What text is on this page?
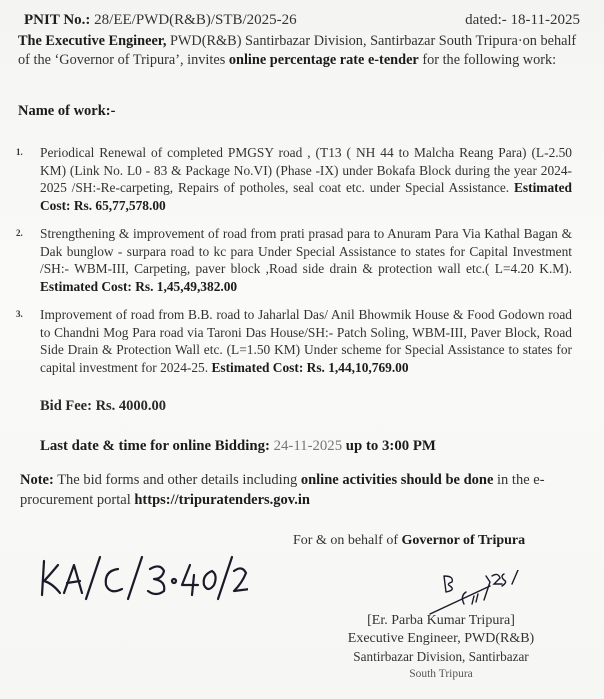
PNIT No.: 28/EE/PWD(R&B)/STB/2025-26	dated:- 18-11-2025
The Executive Engineer, PWD(R&B) Santirbazar Division, Santirbazar South Tripura·on behalf of the ‘Governor of Tripura’, invites online percentage rate e-tender for the following work:
Name of work:-
1.	Periodical Renewal of completed PMGSY road , (T13 ( NH 44 to Malcha Reang Para) (L-2.50 KM) (Link No. L0 - 83 & Package No.VI) (Phase -IX) under Bokafa Block during the year 2024-2025 /SH:-Re-carpeting, Repairs of potholes, seal coat etc. under Special Assistance. Estimated Cost: Rs. 65,77,578.00
2.	Strengthening & improvement of road from prati prasad para to Anuram Para Via Kathal Bagan & Dak bunglow - surpara road to kc para Under Special Assistance to states for Capital Investment /SH:- WBM-III, Carpeting, paver block ,Road side drain & protection wall etc.( L=4.20 K.M). Estimated Cost: Rs. 1,45,49,382.00
3.	Improvement of road from B.B. road to Jaharlal Das/ Anil Bhowmik House & Food Godown road to Chandni Mog Para road via Taroni Das House/SH:- Patch Soling, WBM-III, Paver Block, Road Side Drain & Protection Wall etc. (L=1.50 KM) Under scheme for Special Assistance to states for capital investment for 2024-25. Estimated Cost: Rs. 1,44,10,769.00
Bid Fee: Rs. 4000.00
Last date & time for online Bidding: 24-11-2025 up to 3:00 PM
Note: The bid forms and other details including online activities should be done in the e-procurement portal https://tripuratenders.gov.in
For & on behalf of Governor of Tripura
[Er. Parba Kumar Tripura]
Executive Engineer, PWD(R&B)
Santirbazar Division, Santirbazar
South Tripura
